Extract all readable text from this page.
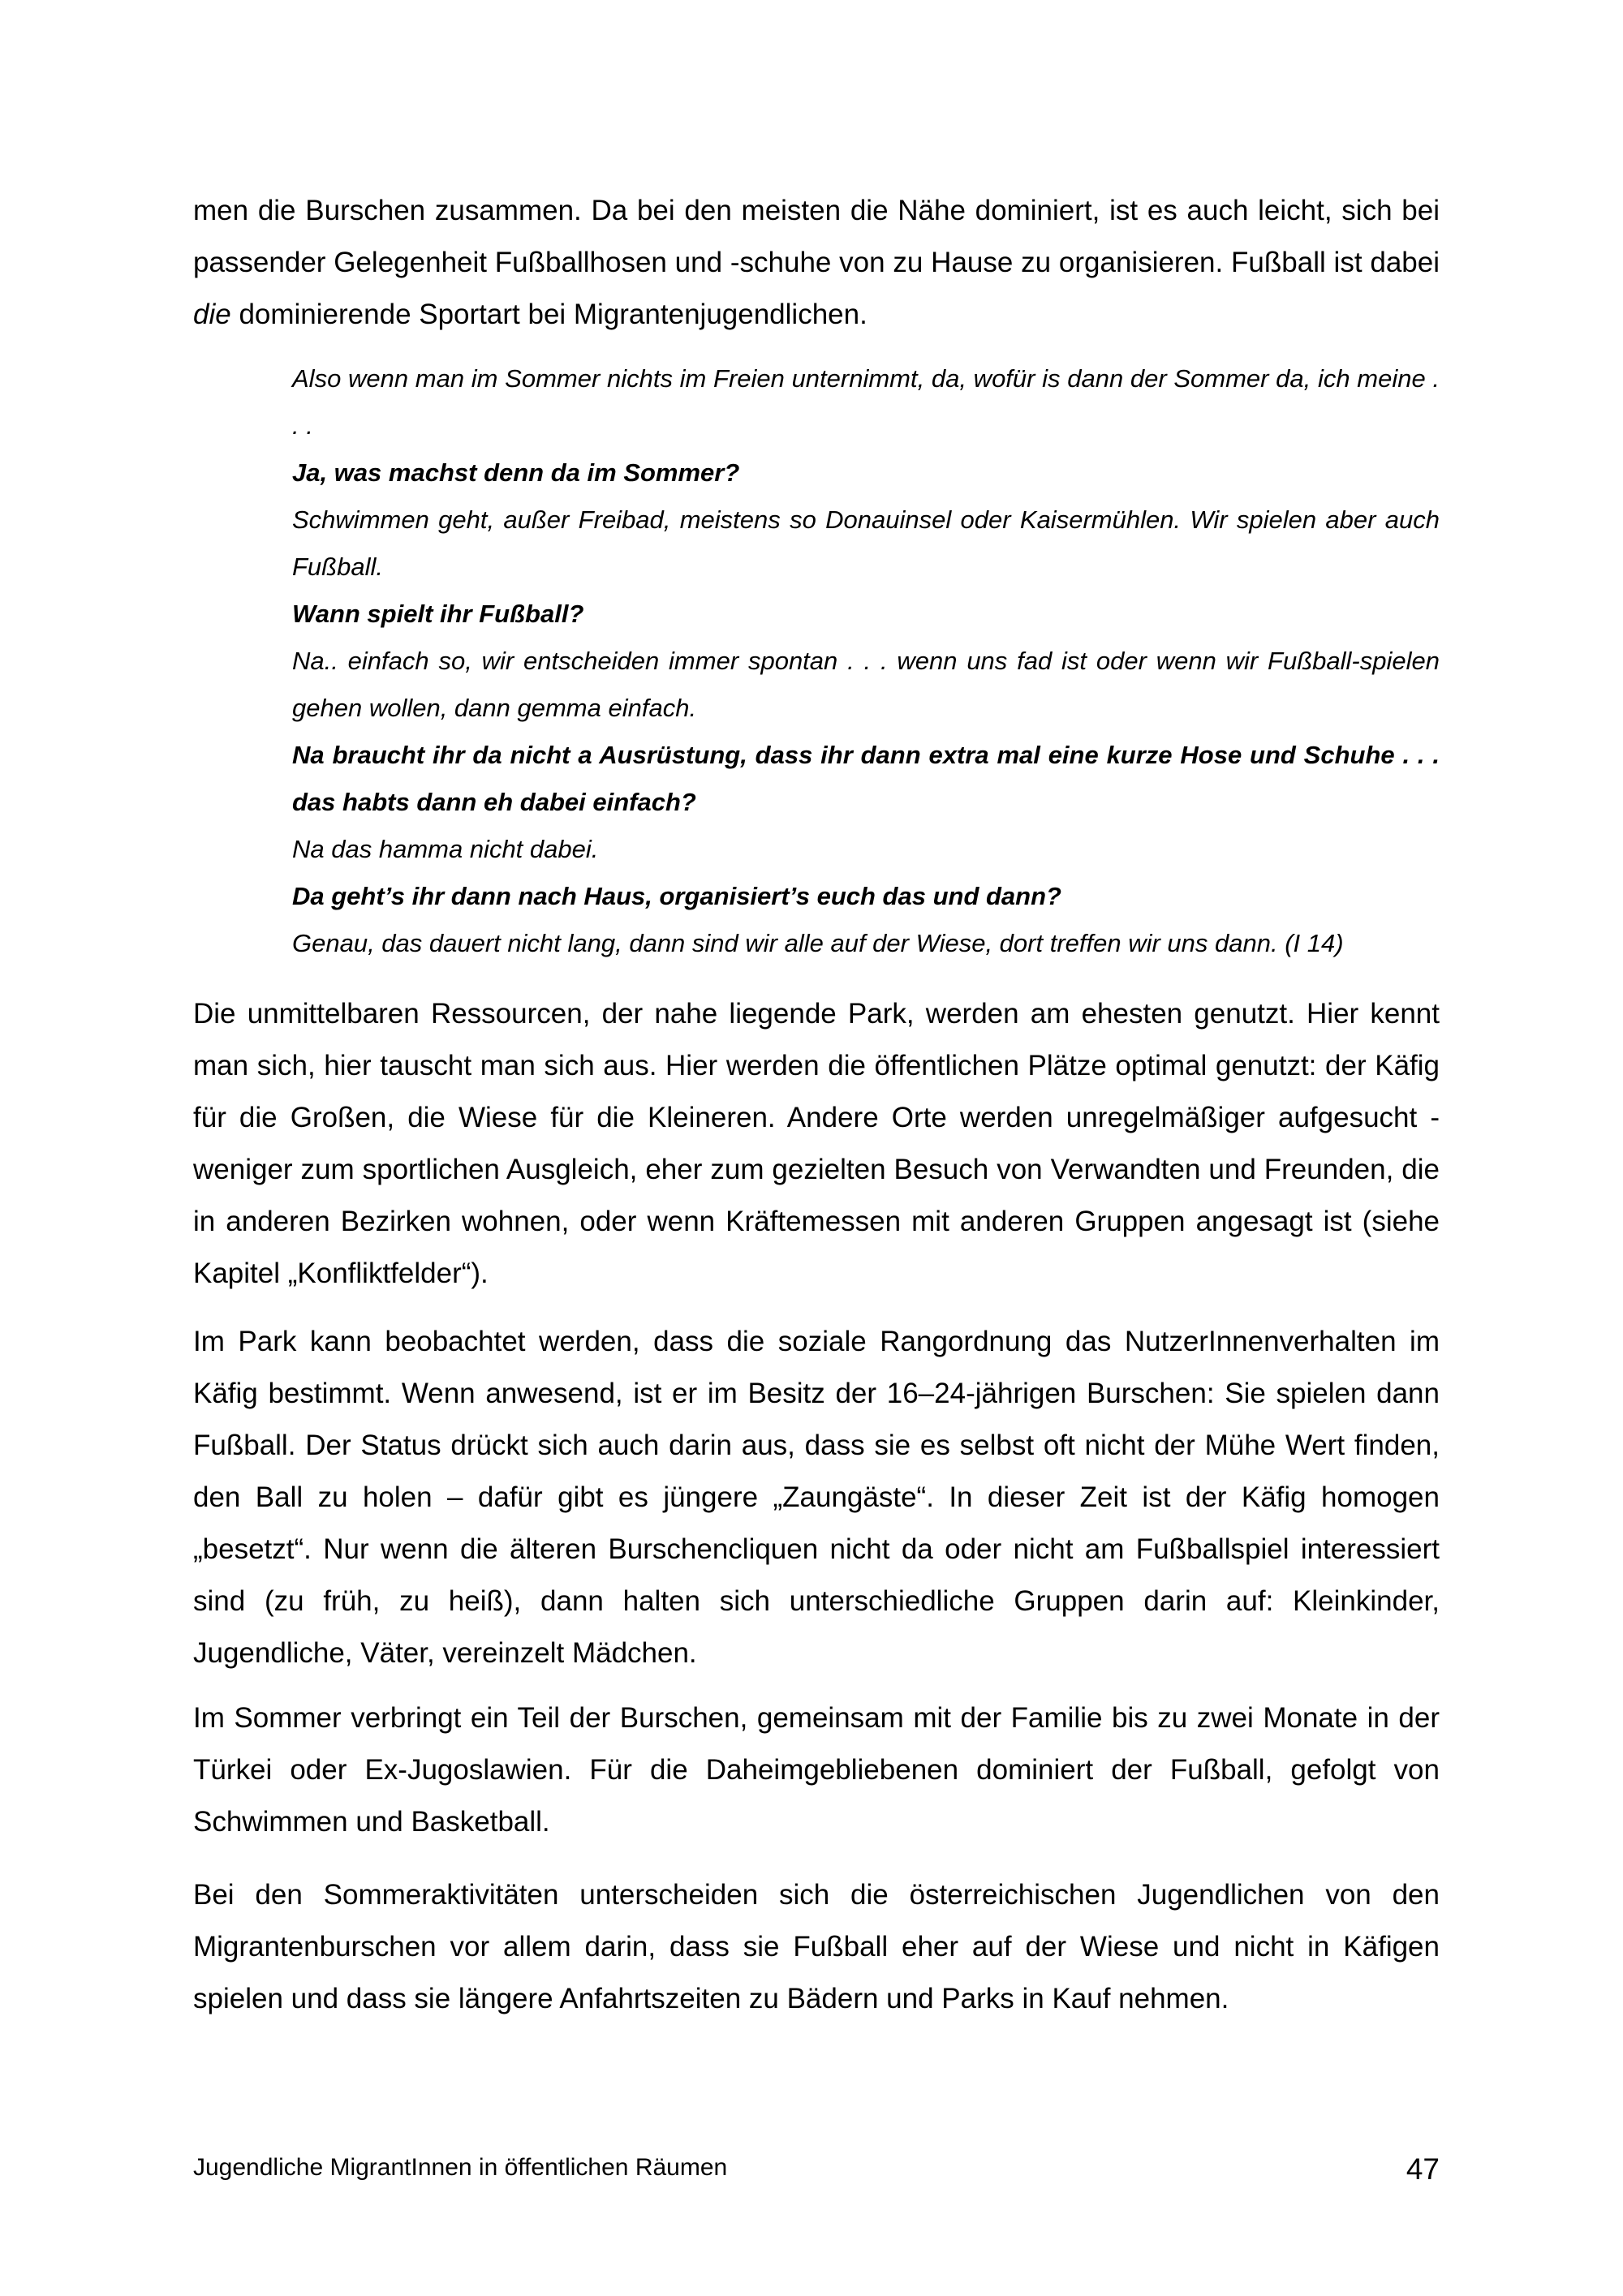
men die Burschen zusammen. Da bei den meisten die Nähe dominiert, ist es auch leicht, sich bei passender Gelegenheit Fußballhosen und -schuhe von zu Hause zu organisieren. Fußball ist dabei die dominierende Sportart bei Migrantenjugendlichen.

Also wenn man im Sommer nichts im Freien unternimmt, da, wofür is dann der Sommer da, ich meine . . .

Ja, was machst denn da im Sommer?

Schwimmen geht, außer Freibad, meistens so Donauinsel oder Kaisermühlen. Wir spielen aber auch Fußball.

Wann spielt ihr Fußball?

Na.. einfach so, wir entscheiden immer spontan . . . wenn uns fad ist oder wenn wir Fußball-spielen gehen wollen, dann gemma einfach.

Na braucht ihr da nicht a Ausrüstung, dass ihr dann extra mal eine kurze Hose und Schuhe . . . das habts dann eh dabei einfach?

Na das hamma nicht dabei.

Da geht’s ihr dann nach Haus, organisiert’s euch das und dann?

Genau, das dauert nicht lang, dann sind wir alle auf der Wiese, dort treffen wir uns dann. (I 14)

Die unmittelbaren Ressourcen, der nahe liegende Park, werden am ehesten genutzt. Hier kennt man sich, hier tauscht man sich aus. Hier werden die öffentlichen Plätze optimal genutzt: der Käfig für die Großen, die Wiese für die Kleineren. Andere Orte werden unregelmäßiger aufgesucht - weniger zum sportlichen Ausgleich, eher zum gezielten Besuch von Verwandten und Freunden, die in anderen Bezirken wohnen, oder wenn Kräftemessen mit anderen Gruppen angesagt ist (siehe Kapitel „Konfliktfelder“).

Im Park kann beobachtet werden, dass die soziale Rangordnung das NutzerInnenverhalten im Käfig bestimmt. Wenn anwesend, ist er im Besitz der 16–24-jährigen Burschen: Sie spielen dann Fußball. Der Status drückt sich auch darin aus, dass sie es selbst oft nicht der Mühe Wert finden, den Ball zu holen – dafür gibt es jüngere „Zaungäste“. In dieser Zeit ist der Käfig homogen „besetzt“. Nur wenn die älteren Burschencliquen nicht da oder nicht am Fußballspiel interessiert sind (zu früh, zu heiß), dann halten sich unterschiedliche Gruppen darin auf: Kleinkinder, Jugendliche, Väter, vereinzelt Mädchen.

Im Sommer verbringt ein Teil der Burschen, gemeinsam mit der Familie bis zu zwei Monate in der Türkei oder Ex-Jugoslawien. Für die Daheimgebliebenen dominiert der Fußball, gefolgt von Schwimmen und Basketball.

Bei den Sommeraktivitäten unterscheiden sich die österreichischen Jugendlichen von den Migrantenburschen vor allem darin, dass sie Fußball eher auf der Wiese und nicht in Käfigen spielen und dass sie längere Anfahrtszeiten zu Bädern und Parks in Kauf nehmen.

Jugendliche MigrantInnen in öffentlichen Räumen	47
